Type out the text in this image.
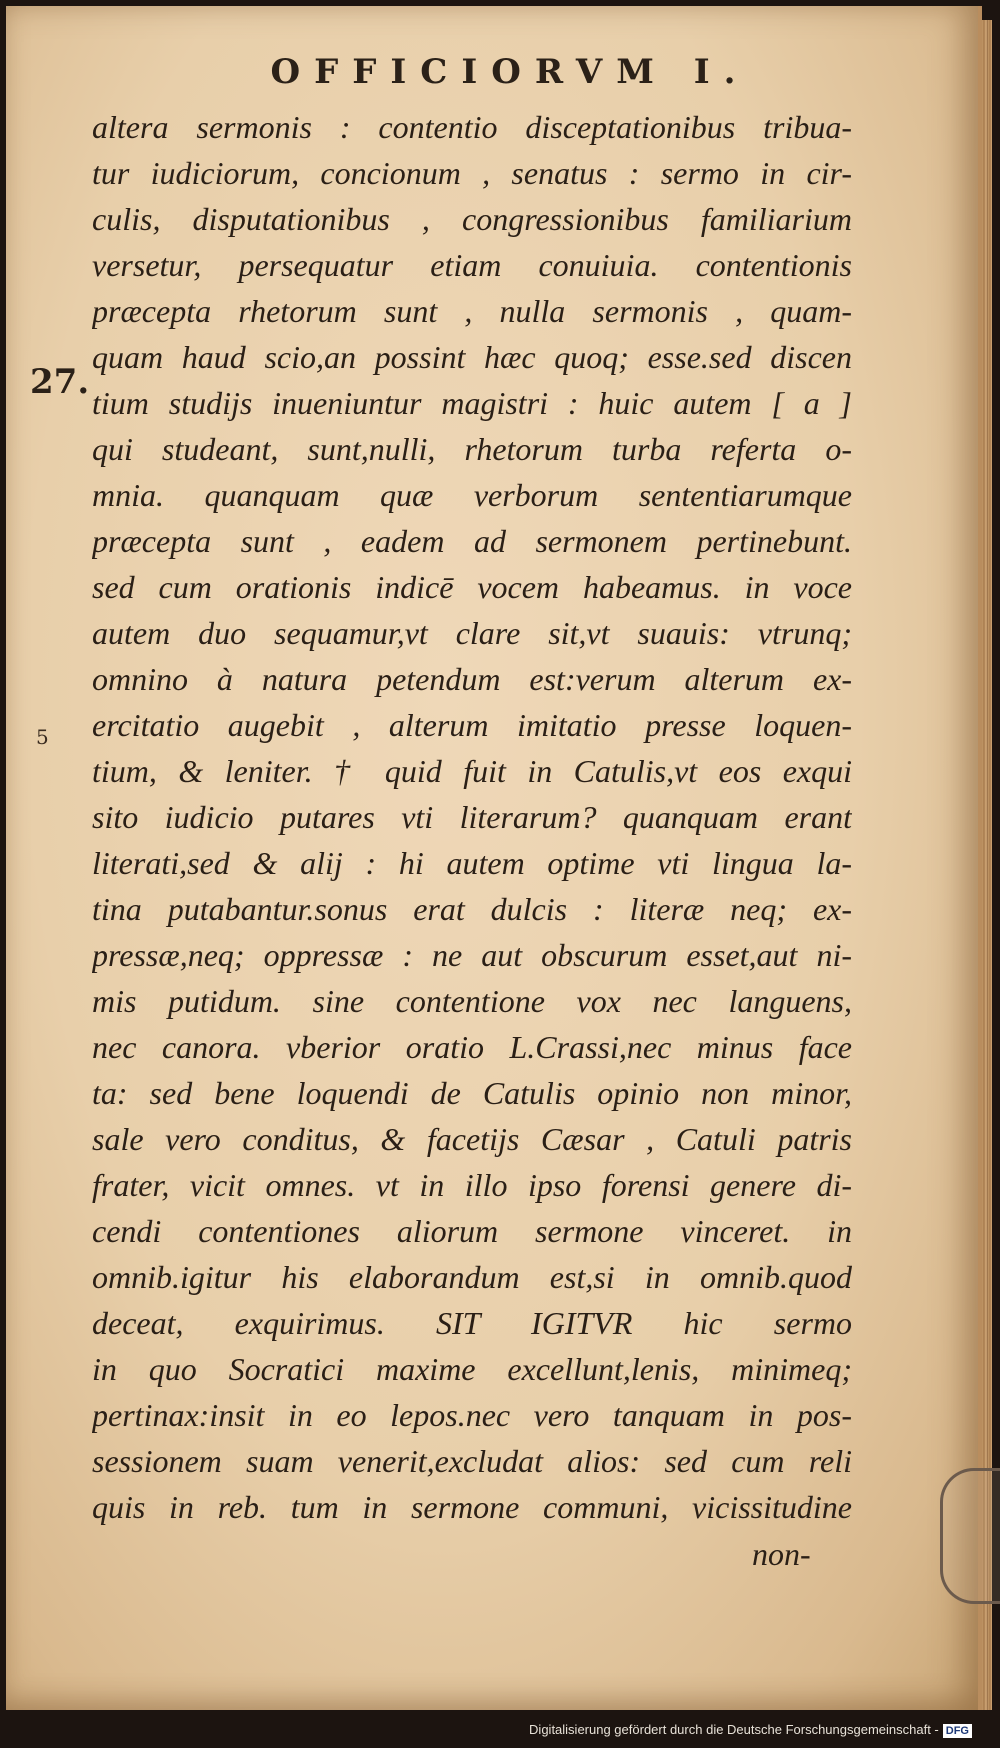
OFFICIORVM I.
27.
5
altera sermonis : contentio disceptationibus tribua-
tur iudiciorum, concionum , senatus : sermo in cir-
culis, disputationibus , congressionibus familiarium
versetur, persequatur etiam conuiuia. contentionis
præcepta rhetorum sunt , nulla sermonis , quam-
quam haud scio,an possint hæc quoq; esse.sed discen
tium studijs inueniuntur magistri : huic autem [ a ]
qui studeant, sunt,nulli, rhetorum turba referta o-
mnia. quanquam quæ verborum sententiarumque
præcepta sunt , eadem ad sermonem pertinebunt.
sed cum orationis indicē vocem habeamus. in voce
autem duo sequamur,vt clare sit,vt suauis: vtrunq;
omnino à natura petendum est:verum alterum ex-
ercitatio augebit , alterum imitatio presse loquen-
tium, & leniter. † quid fuit in Catulis,vt eos exqui
sito iudicio putares vti literarum? quanquam erant
literati,sed & alij : hi autem optime vti lingua la-
tina putabantur.sonus erat dulcis : literæ neq; ex-
pressæ,neq; oppressæ : ne aut obscurum esset,aut ni-
mis putidum. sine contentione vox nec languens,
nec canora. vberior oratio L.Crassi,nec minus face
ta: sed bene loquendi de Catulis opinio non minor,
sale vero conditus, & facetijs Cæsar , Catuli patris
frater, vicit omnes. vt in illo ipso forensi genere di-
cendi contentiones aliorum sermone vinceret. in
omnib.igitur his elaborandum est,si in omnib.quod
deceat, exquirimus. SIT IGITVR hic sermo
in quo Socratici maxime excellunt,lenis, minimeq;
pertinax:insit in eo lepos.nec vero tanquam in pos-
sessionem suam venerit,excludat alios: sed cum reli
quis in reb. tum in sermone communi, vicissitudine
non-
Digitalisierung gefördert durch die Deutsche Forschungsgemeinschaft - DFG
